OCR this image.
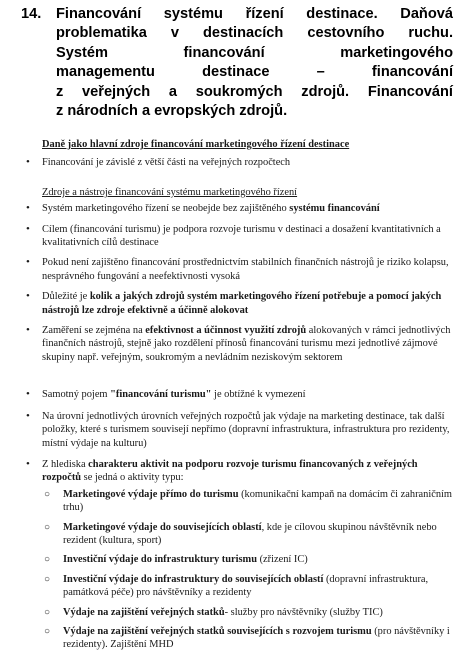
14. Financování systému řízení destinace. Daňová
problematika v destinacích cestovního ruchu.
Systém financování marketingového
managementu destinace – financování
z veřejných a soukromých zdrojů. Financování
z národních a evropských zdrojů.
Daně jako hlavní zdroje financování marketingového řízení destinace
• Financování je závislé z větší části na veřejných rozpočtech
Zdroje a nástroje financování systému marketingového řízení
• Systém marketingového řízení se neobejde bez zajištěného systému financování
• Cílem (financování turismu) je podpora rozvoje turismu v destinaci a dosažení kvantitativních a kvalitativních cílů destinace
• Pokud není zajištěno financování prostřednictvím stabilních finančních nástrojů je riziko kolapsu, nesprávného fungování a neefektivnosti vysoká
• Důležité je kolik a jakých zdrojů systém marketingového řízení potřebuje a pomocí jakých nástrojů lze zdroje efektivně a účinně alokovat
• Zaměření se zejména na efektivnost a účinnost využití zdrojů alokovaných v rámci jednotlivých finančních nástrojů, stejně jako rozdělení přínosů financování turismu mezi jednotlivé zájmové skupiny např. veřejným, soukromým a nevládním neziskovým sektorem
• Samotný pojem "financování turismu" je obtížné k vymezení
• Na úrovní jednotlivých úrovních veřejných rozpočtů jak výdaje na marketing destinace, tak další položky, které s turismem souvisejí nepřímo (dopravní infrastruktura, infrastruktura pro rezidenty, místní výdaje na kulturu)
• Z hlediska charakteru aktivit na podporu rozvoje turismu financovaných z veřejných rozpočtů se jedná o aktivity typu:
○ Marketingové výdaje přímo do turismu (komunikační kampaň na domácím či zahraničním trhu)
○ Marketingové výdaje do souvisejících oblastí, kde je cílovou skupinou návštěvník nebo rezident (kultura, sport)
○ Investiční výdaje do infrastruktury turismu (zřizení IC)
○ Investiční výdaje do infrastruktury do souvisejících oblastí (dopravní infrastruktura, památková péče) pro návštěvníky a rezidenty
○ Výdaje na zajištění veřejných statků- služby pro návštěvníky (služby TIC)
○ Výdaje na zajištění veřejných statků souvisejících s rozvojem turismu (pro návštěvníky i rezidenty). Zajištění MHD
